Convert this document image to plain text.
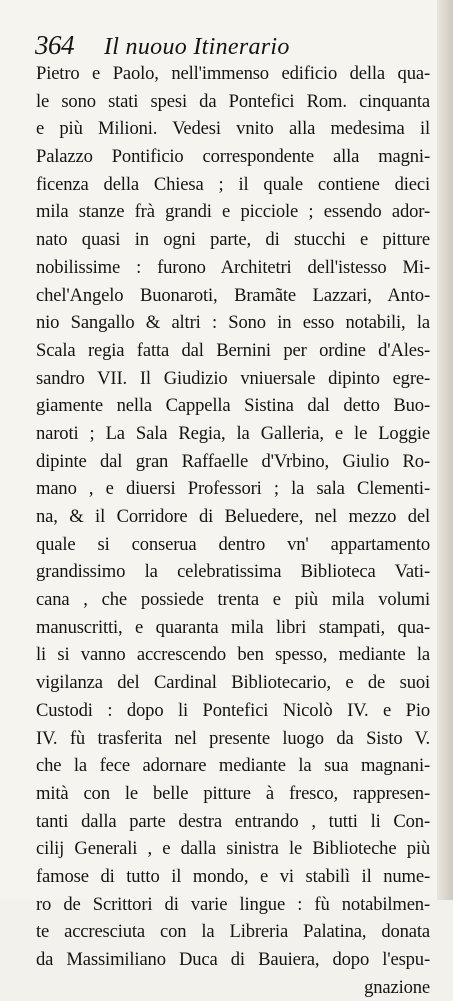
364 Il nuouo Itinerario
Pietro e Paolo, nell'immenso edificio della qua-
le sono stati spesi da Pontefici Rom. cinquanta
e più Milioni. Vedesi vnito alla medesima il
Palazzo Pontificio correspondente alla magni-
ficenza della Chiesa ; il quale contiene dieci
mila stanze frà grandi e picciole ; essendo ador-
nato quasi in ogni parte, di stucchi e pitture
nobilissime : furono Architetri dell'istesso Mi-
chel'Angelo Buonaroti, Bramãte Lazzari, Anto-
nio Sangallo & altri : Sono in esso notabili, la
Scala regia fatta dal Bernini per ordine d'Ales-
sandro VII. Il Giudizio vniuersale dipinto egre-
giamente nella Cappella Sistina dal detto Buo-
naroti ; La Sala Regia, la Galleria, e le Loggie
dipinte dal gran Raffaelle d'Vrbino, Giulio Ro-
mano , e diuersi Professori ; la sala Clementi-
na, & il Corridore di Beluedere, nel mezzo del
quale si conserua dentro vn' appartamento
grandissimo la celebratissima Biblioteca Vati-
cana , che possiede trenta e più mila volumi
manuscritti, e quaranta mila libri stampati, qua-
li si vanno accrescendo ben spesso, mediante la
vigilanza del Cardinal Bibliotecario, e de suoi
Custodi : dopo li Pontefici Nicolò IV. e Pio
IV. fù trasferita nel presente luogo da Sisto V.
che la fece adornare mediante la sua magnani-
mità con le belle pitture à fresco, rappresen-
tanti dalla parte destra entrando , tutti li Con-
cilij Generali , e dalla sinistra le Biblioteche più
famose di tutto il mondo, e vi stabilì il nume-
ro de Scrittori di varie lingue : fù notabilmen-
te accresciuta con la Libreria Palatina, donata
da Massimiliano Duca di Bauiera, dopo l'espu-
gnazione
